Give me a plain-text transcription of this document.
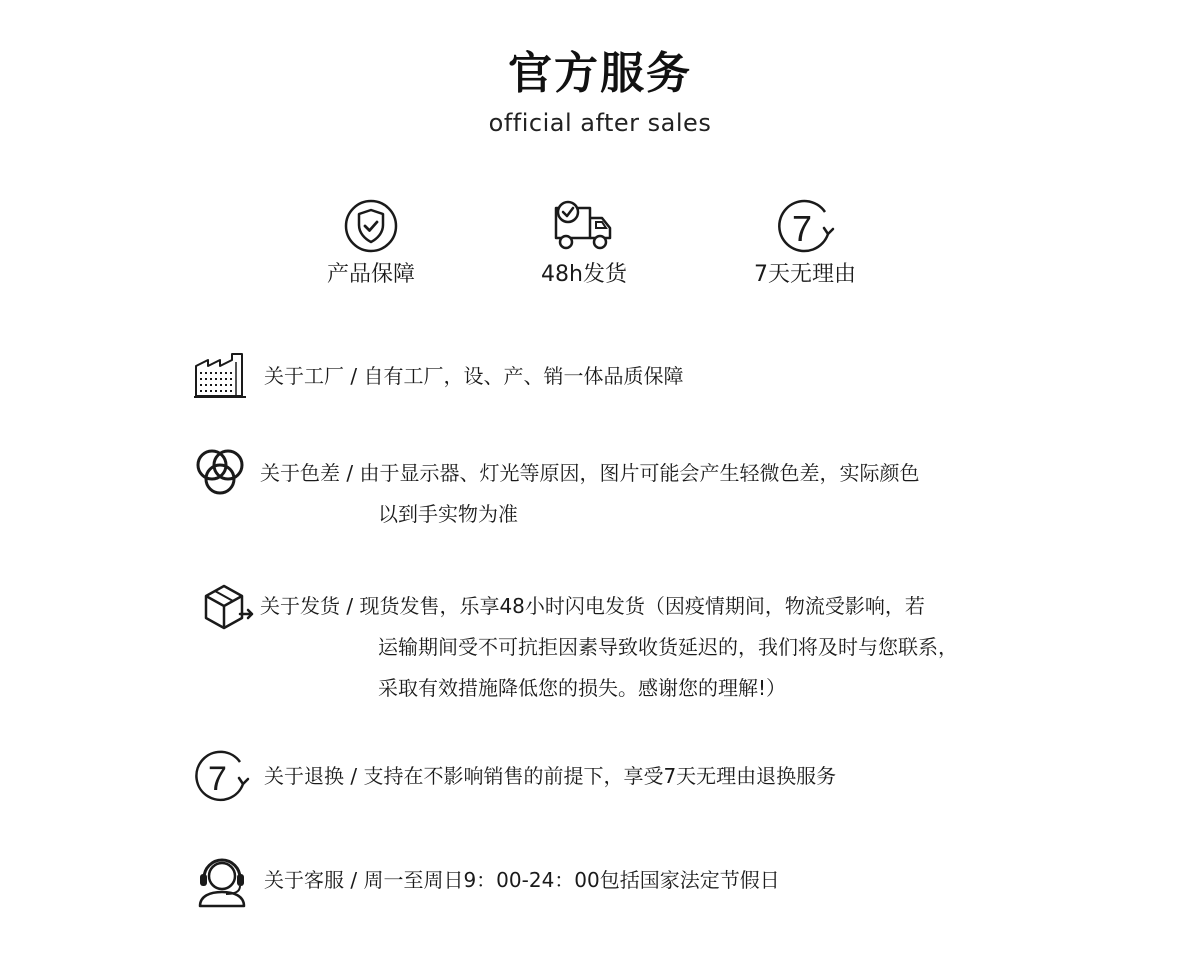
官方服务
official after sales
产品保障	48h发货
7
7天无理由
关于工厂 / 自有工厂，设、产、销一体品质保障
关于色差 / 由于显示器、灯光等原因，图片可能会产生轻微色差，实际颜色
以到手实物为准
关于发货 / 现货发售，乐享48小时闪电发货（因疫情期间，物流受影响，若
运输期间受不可抗拒因素导致收货延迟的，我们将及时与您联系，
采取有效措施降低您的损失。感谢您的理解!）
7 关于退换 / 支持在不影响销售的前提下，享受7天无理由退换服务
关于客服 / 周一至周日9：00-24：00包括国家法定节假日
